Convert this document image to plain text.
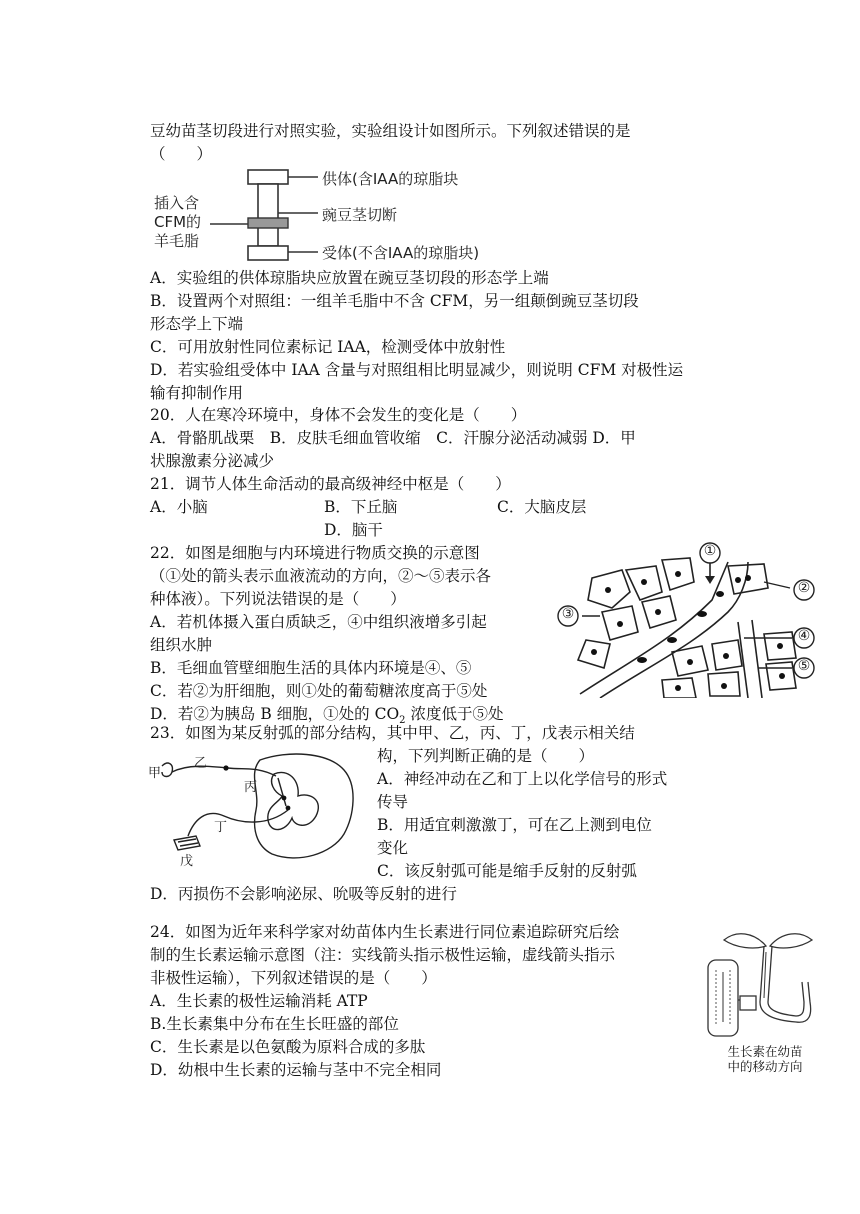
豆幼苗茎切段进行对照实验，实验组设计如图所示。下列叙述错误的是
（　　）
供体(含IAA的琼脂块
豌豆茎切断
受体(不含IAA的琼脂块)
插入含
CFM的
羊毛脂
A．实验组的供体琼脂块应放置在豌豆茎切段的形态学上端
B．设置两个对照组：一组羊毛脂中不含 CFM，另一组颠倒豌豆茎切段
形态学上下端
C．可用放射性同位素标记 IAA，检测受体中放射性
D．若实验组受体中 IAA 含量与对照组相比明显减少，则说明 CFM 对极性运
输有抑制作用
20．人在寒冷环境中，身体不会发生的变化是（　　）
A．骨骼肌战栗　B．皮肤毛细血管收缩　C．汗腺分泌活动减弱 D．甲
状腺激素分泌减少
21．调节人体生命活动的最高级神经中枢是（　　）
A．小脑	B．下丘脑	C．大脑皮层
D．脑干
22．如图是细胞与内环境进行物质交换的示意图
（①处的箭头表示血液流动的方向，②～⑤表示各
种体液）。下列说法错误的是（　　）
A．若机体摄入蛋白质缺乏，④中组织液增多引起
组织水肿
B．毛细血管壁细胞生活的具体内环境是④、⑤
C．若②为肝细胞，则①处的葡萄糖浓度高于⑤处
D．若②为胰岛 B 细胞，①处的 $CO_2$ 浓度低于⑤处
①
②
③
④
⑤
23．如图为某反射弧的部分结构，其中甲、乙，丙、丁，戊表示相关结
构，下列判断正确的是（　　）
A．神经冲动在乙和丁上以化学信号的形式
传导
B．用适宜刺激激丁，可在乙上测到电位
变化
C．该反射弧可能是缩手反射的反射弧
D．丙损伤不会影响泌尿、吮吸等反射的进行
甲
乙
丙
丁
戊
24．如图为近年来科学家对幼苗体内生长素进行同位素追踪研究后绘
制的生长素运输示意图（注：实线箭头指示极性运输，虚线箭头指示
非极性运输），下列叙述错误的是（　　）
A．生长素的极性运输消耗 ATP
B.生长素集中分布在生长旺盛的部位
C．生长素是以色氨酸为原料合成的多肽
D．幼根中生长素的运输与茎中不完全相同
生长素在幼苗
中的移动方向
